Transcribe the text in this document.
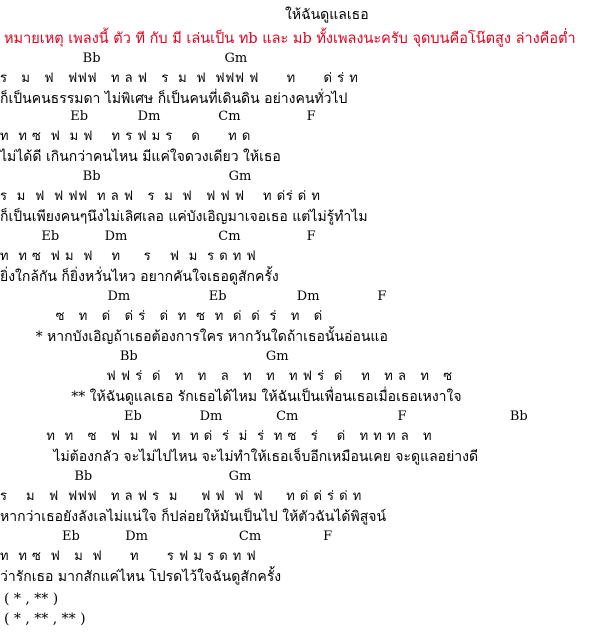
ให้ฉันดูแลเธอ
หมายเหตุ เพลงนี้ ตัว ที กับ มี เล่นเป็น ทb และ มb ทั้งเพลงนะครับ จุดบนคือโน๊ตสูง ล่างคือต่ำ
Bb                              Gm
ร   ม   ฟ   ฟฟฟ   ท ล ฟ   ร  ม  ฟ  ฟฟฟ ฟ      ท      ด่ ร่ ท
ก็เป็นคนธรรมดา ไม่พิเศษ ก็เป็นคนที่เดินดิน อย่างคนทั่วไป
Eb            Dm              Cm                F
ท  ท ซ  ฟ  ม ฟ    ท ร ฟ ม ร    ด      ท ด
ไม่ได้ดี เกินกว่าคนไหน มีแค่ใจดวงเดียว ให้เธอ
Bb                               Gm
ร  ม  ฟ  ฟ ฟฟ  ท ล ฟ   ร  ม  ฟ   ฟ ฟ ฟ    ท ด่ร่ ด่ ท
ก็เป็นเพียงคนๆนึงไม่เลิศเลอ แค่บังเอิญมาเจอเธอ แต่ไม่รู้ทำไม
Eb           Dm                      Cm                F
ท  ท ซ  ฟ ม  ฟ    ท     ร    ฟ  ม  ร ด ท ฟ
ยิ่งใกล้กัน ก็ยิ่งหวั่นไหว อยากคันใจเธอดูสักครั้ง
Dm                   Eb                 Dm              F
ซ   ท   ด่   ด่ ร่   ด่  ท  ซ  ท  ด่  ด่  ร่   ท   ด่
* หากบังเอิญถ้าเธอต้องการใคร หากวันใดถ้าเธอนั้นอ่อนแอ
Bb                               Gm
ฟ ฟ ร่  ด่   ท   ท   ล   ท   ท   ท ฟ ร่  ด่    ท   ท ล   ท   ซ
** ให้ฉันดูแลเธอ รักเธอได้ไหม ให้ฉันเป็นเพื่อนเธอเมื่อเธอเหงาใจ
Eb              Dm             Cm                        F                         Bb
ท  ท   ซ   ฟ  ม  ฟ   ท  ท ด่  ร่  ม่  ร่  ท ซ   ร่    ด่   ท ท ท ล   ท
ไม่ต้องกลัว จะไม่ไปไหน จะไม่ทำให้เธอเจ็บอีกเหมือนเคย จะดูแลอย่างดี
Bb                                 Gm
ร    ม   ฟ  ฟฟฟ   ท ล ฟ ร  ม     ฟ ฟ  ฟ  ฟ     ท ด่ ด่ ร่ ด่ ท
หากว่าเธอยังลังเลไม่แน่ใจ ก็ปล่อยให้มันเป็นไป ให้ตัวฉันได้พิสูจน์
Eb           Dm                      Cm               F
ท  ท ซ  ฟ   ม  ฟ      ท      ร ฟ ม ร ด ท ฟ
ว่ารักเธอ มากสักแค่ไหน โปรดไว้ใจฉันดูสักครั้ง
( * , ** )
( * , ** , ** )
